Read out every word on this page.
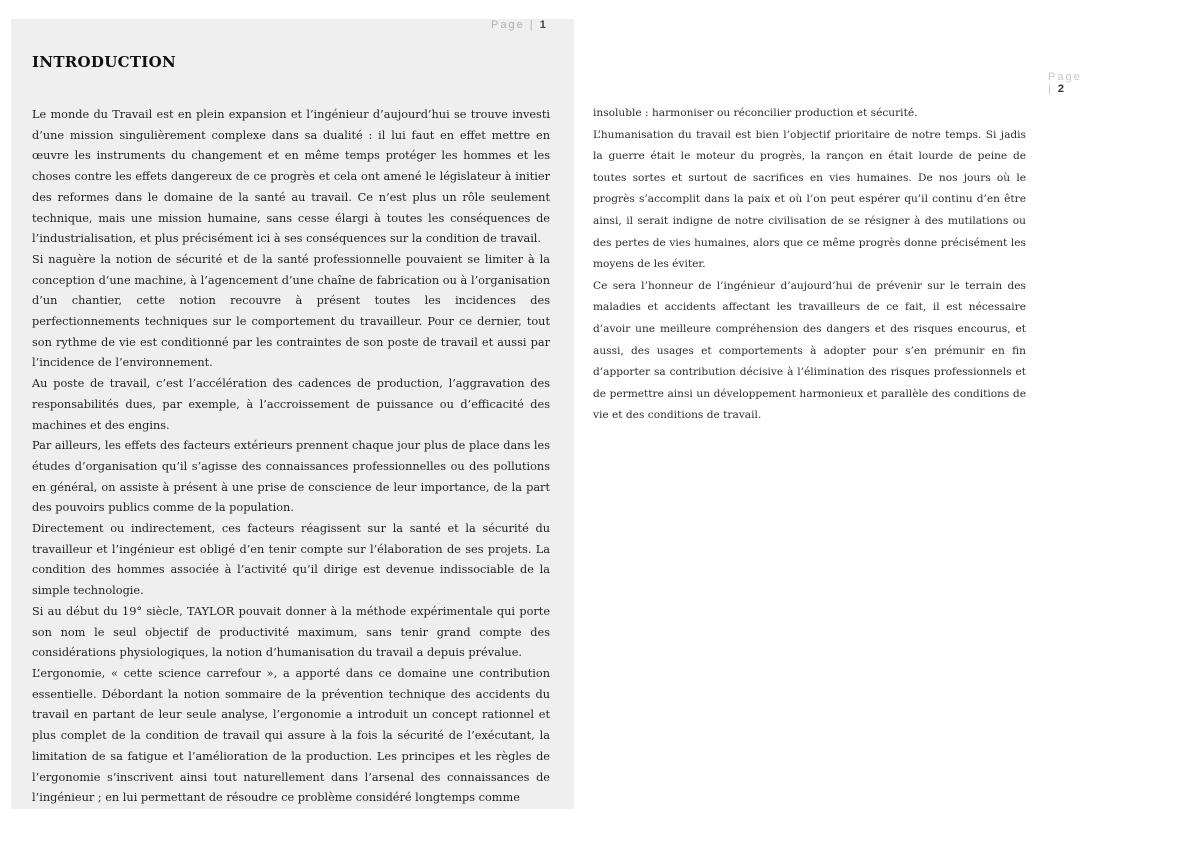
Page | 1
INTRODUCTION

Le monde du Travail est en plein expansion et l’ingénieur d’aujourd’hui se trouve investi d’une mission singulièrement complexe dans sa dualité : il lui faut en effet mettre en œuvre les instruments du changement et en même temps protéger les hommes et les choses contre les effets dangereux de ce progrès et cela ont amené le législateur à initier des reformes dans le domaine de la santé au travail. Ce n’est plus un rôle seulement technique, mais une mission humaine, sans cesse élargi à toutes les conséquences de l’industrialisation, et plus précisément ici à ses conséquences sur la condition de travail.

Si naguère la notion de sécurité et de la santé professionnelle pouvaient se limiter à la conception d’une machine, à l’agencement d’une chaîne de fabrication ou à l’organisation d’un chantier, cette notion recouvre à présent toutes les incidences des perfectionnements techniques sur le comportement du travailleur. Pour ce dernier, tout son rythme de vie est conditionné par les contraintes de son poste de travail et aussi par l’incidence de l’environnement.

Au poste de travail, c’est l’accélération des cadences de production, l’aggravation des responsabilités dues, par exemple, à l’accroissement de puissance ou d’efficacité des machines et des engins.

Par ailleurs, les effets des facteurs extérieurs prennent chaque jour plus de place dans les études d’organisation qu’il s’agisse des connaissances professionnelles ou des pollutions en général, on assiste à présent à une prise de conscience de leur importance, de la part des pouvoirs publics comme de la population.

Directement ou indirectement, ces facteurs réagissent sur la santé et la sécurité du travailleur et l’ingénieur est obligé d’en tenir compte sur l’élaboration de ses projets. La condition des hommes associée à l’activité qu’il dirige est devenue indissociable de la simple technologie.

Si au début du 19° siècle, TAYLOR pouvait donner à la méthode expérimentale qui porte son nom le seul objectif de productivité maximum, sans tenir grand compte des considérations physiologiques, la notion d’humanisation du travail a depuis prévalue.

L’ergonomie, « cette science carrefour », a apporté dans ce domaine une contribution essentielle. Débordant la notion sommaire de la prévention technique des accidents du travail en partant de leur seule analyse, l’ergonomie a introduit un concept rationnel et plus complet de la condition de travail qui assure à la fois la sécurité de l’exécutant, la limitation de sa fatigue et l’amélioration de la production. Les principes et les règles de l’ergonomie s’inscrivent ainsi tout naturellement dans l’arsenal des connaissances de l’ingénieur ; en lui permettant de résoudre ce problème considéré longtemps comme

Page | 2

insoluble : harmoniser ou réconcilier production et sécurité.

L’humanisation du travail est bien l’objectif prioritaire de notre temps. Si jadis la guerre était le moteur du progrès, la rançon en était lourde de peine de toutes sortes et surtout de sacrifices en vies humaines. De nos jours où le progrès s’accomplit dans la paix et où l’on peut espérer qu’il continu d’en être ainsi, il serait indigne de notre civilisation de se résigner à des mutilations ou des pertes de vies humaines, alors que ce même progrès donne précisément les moyens de les éviter.

Ce sera l’honneur de l’ingénieur d’aujourd’hui de prévenir sur le terrain des maladies et accidents affectant les travailleurs de ce fait, il est nécessaire d’avoir une meilleure compréhension des dangers et des risques encourus, et aussi, des usages et comportements à adopter pour s’en prémunir en fin d’apporter sa contribution décisive à l’élimination des risques professionnels et de permettre ainsi un développement harmonieux et parallèle des conditions de vie et des conditions de travail.
